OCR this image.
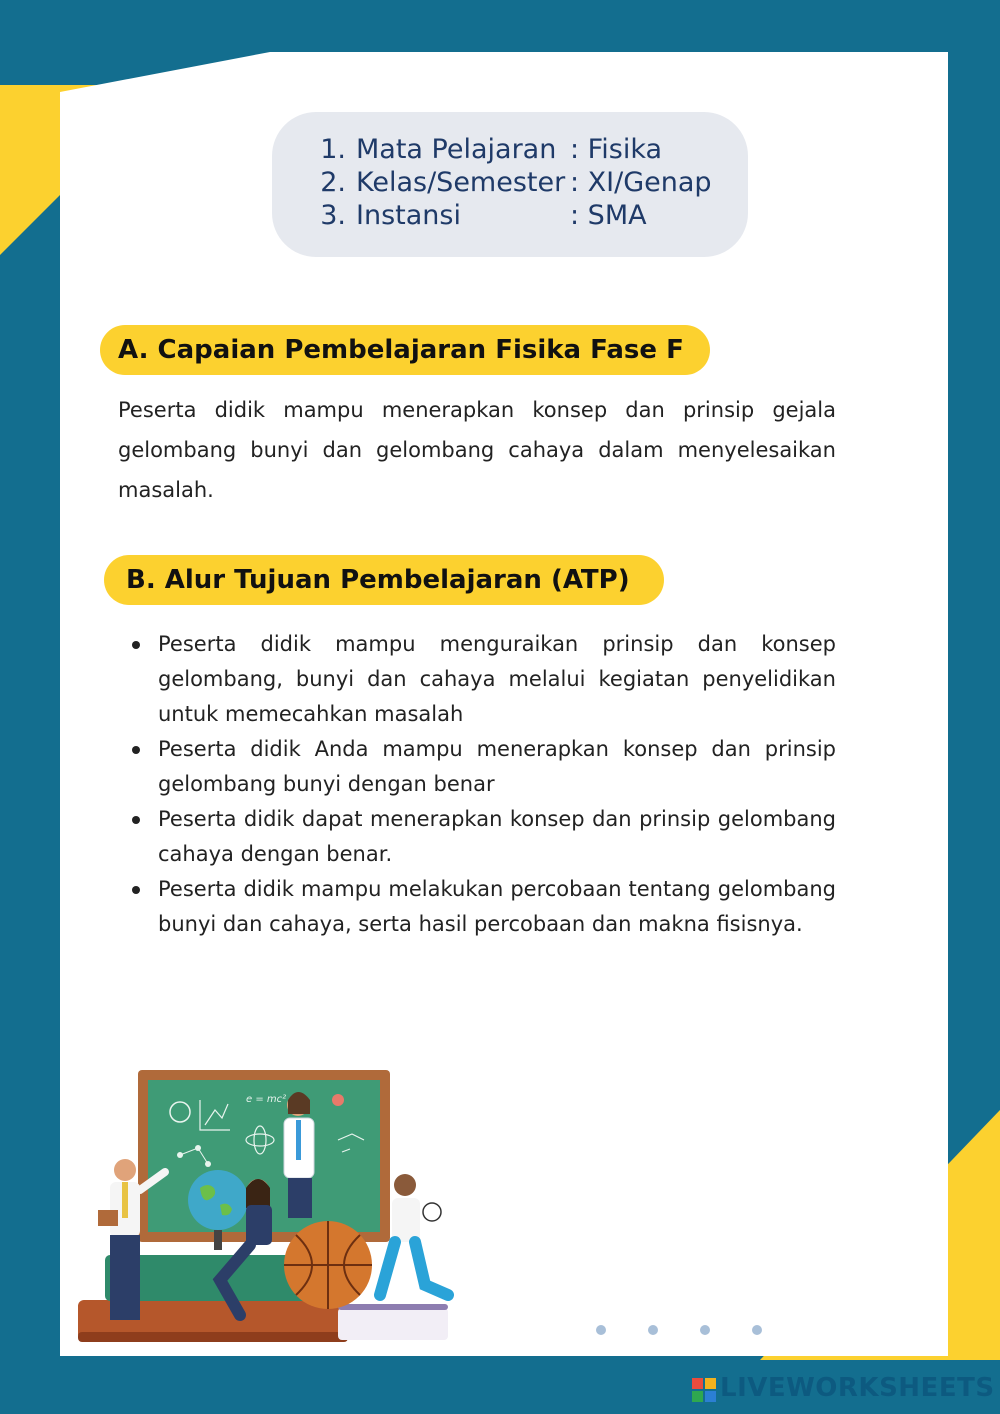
1. Mata Pelajaran : Fisika
2. Kelas/Semester : XI/Genap
3. Instansi	: SMA
A. Capaian Pembelajaran Fisika Fase F
Peserta didik mampu menerapkan konsep dan prinsip gejala gelombang bunyi dan gelombang cahaya dalam menyelesaikan masalah.
B. Alur Tujuan Pembelajaran (ATP)
Peserta didik mampu menguraikan prinsip dan konsep gelombang, bunyi dan cahaya melalui kegiatan penyelidikan untuk memecahkan masalah
Peserta didik Anda mampu menerapkan konsep dan prinsip gelombang bunyi dengan benar
Peserta didik dapat menerapkan konsep dan prinsip gelombang cahaya dengan benar.
Peserta didik mampu melakukan percobaan tentang gelombang bunyi dan cahaya, serta hasil percobaan dan makna fisisnya.
e = mc²
LIVEWORKSHEETS
